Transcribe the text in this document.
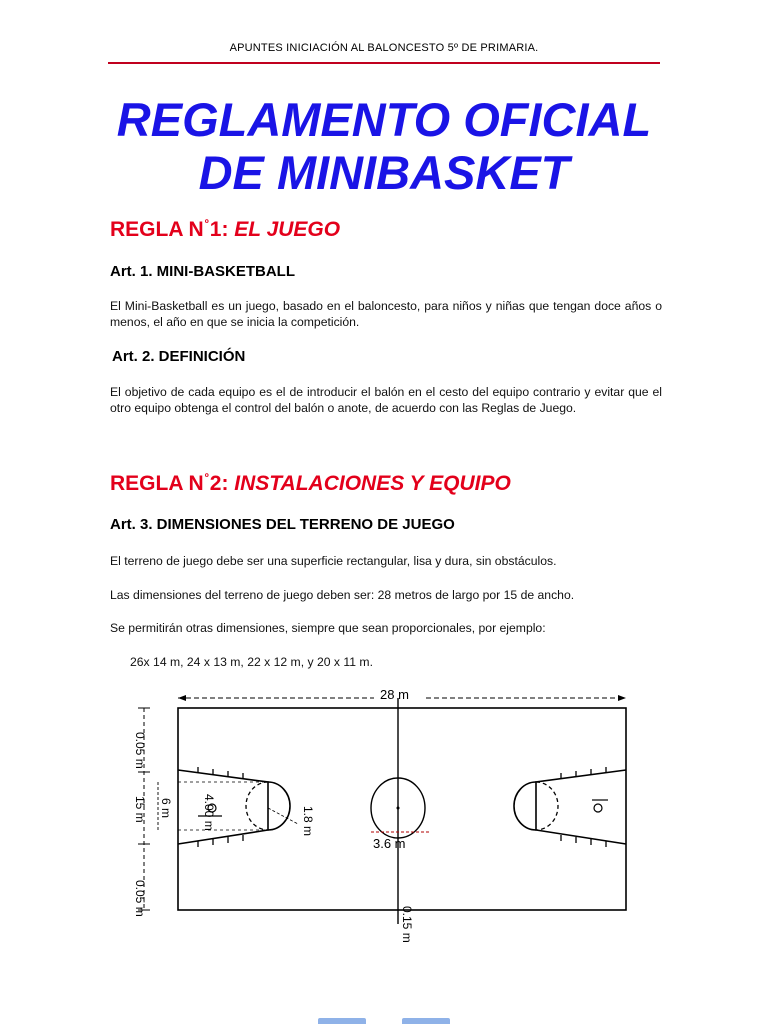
APUNTES INICIACIÓN AL BALONCESTO 5º DE PRIMARIA.
REGLAMENTO OFICIAL
DE MINIBASKET
REGLA $N^º1$: EL JUEGO
Art. 1. MINI-BASKETBALL
El Mini-Basketball es un juego, basado en el baloncesto, para niños y niñas que tengan doce años o menos, el año en que se inicia la competición.
Art. 2. DEFINICIÓN
El objetivo de cada equipo es el de introducir el balón en el cesto del equipo contrario y evitar que el otro equipo obtenga el control del balón o anote, de acuerdo con las Reglas de Juego.
REGLA $N^º2$: INSTALACIONES Y EQUIPO
Art. 3. DIMENSIONES DEL TERRENO DE JUEGO
El terreno de juego debe ser una superficie rectangular, lisa y dura, sin obstáculos.
Las dimensiones del terreno de juego deben ser: 28 metros de largo por 15 de ancho.
Se permitirán otras dimensiones, siempre que sean proporcionales, por ejemplo:
26x 14 m, 24 x 13 m, 22 x 12 m, y 20 x 11 m.
28 m
0.05 m
15 m
0.05 m
6 m 4.00 m	1.8 m
3.6 m
0.15 m
